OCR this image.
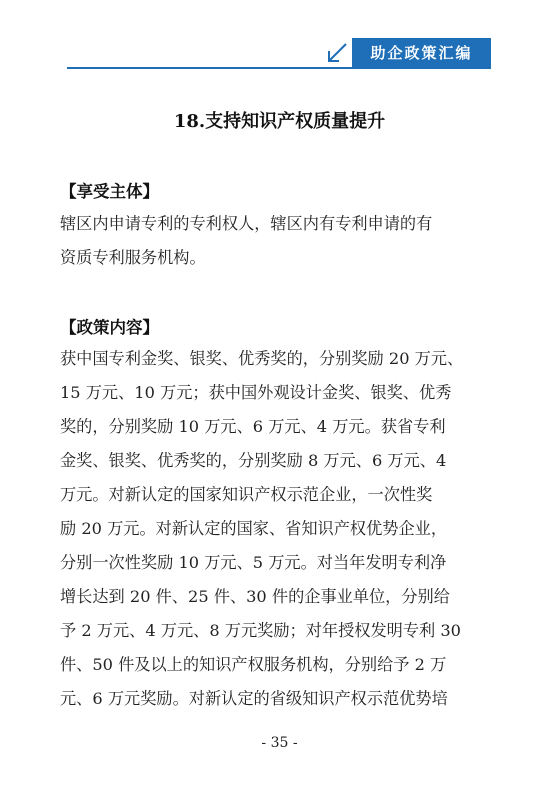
助企政策汇编
18.支持知识产权质量提升
【享受主体】

辖区内申请专利的专利权人，辖区内有专利申请的有
资质专利服务机构。

【政策内容】

获中国专利金奖、银奖、优秀奖的，分别奖励 20 万元、
15 万元、10 万元；获中国外观设计金奖、银奖、优秀
奖的，分别奖励 10 万元、6 万元、4 万元。获省专利
金奖、银奖、优秀奖的，分别奖励 8 万元、6 万元、4
万元。对新认定的国家知识产权示范企业，一次性奖
励 20 万元。对新认定的国家、省知识产权优势企业，
分别一次性奖励 10 万元、5 万元。对当年发明专利净
增长达到 20 件、25 件、30 件的企事业单位，分别给
予 2 万元、4 万元、8 万元奖励；对年授权发明专利 30
件、50 件及以上的知识产权服务机构，分别给予 2 万
元、6 万元奖励。对新认定的省级知识产权示范优势培

- 35 -
